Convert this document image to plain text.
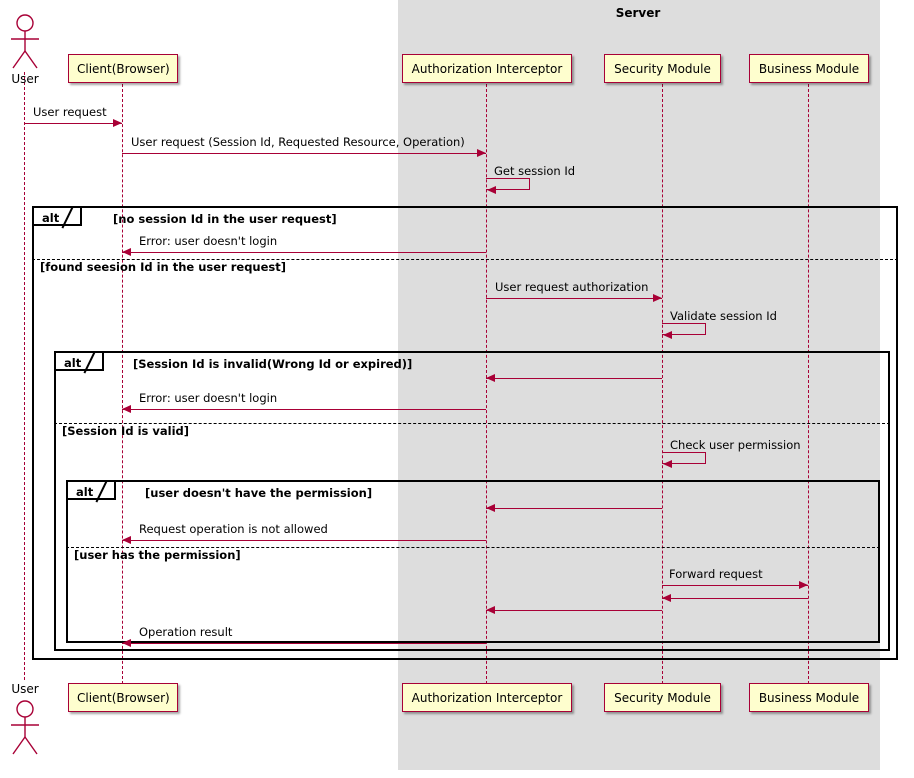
Server
User
User
Client(Browser)	Authorization Interceptor	Security Module	Business Module
Client(Browser)	Authorization Interceptor	Security Module	Business Module
User request
User request (Session Id, Requested Resource, Operation)
Get session Id
alt	[no session Id in the user request]
[found seesion Id in the user request]
Error: user doesn't login
User request authorization
Validate session Id
alt	[Session Id is invalid(Wrong Id or expired)]
[Session Id is valid]
Error: user doesn't login
Check user permission
alt	[user doesn't have the permission]
[user has the permission]
Request operation is not allowed
Forward request
Operation result
